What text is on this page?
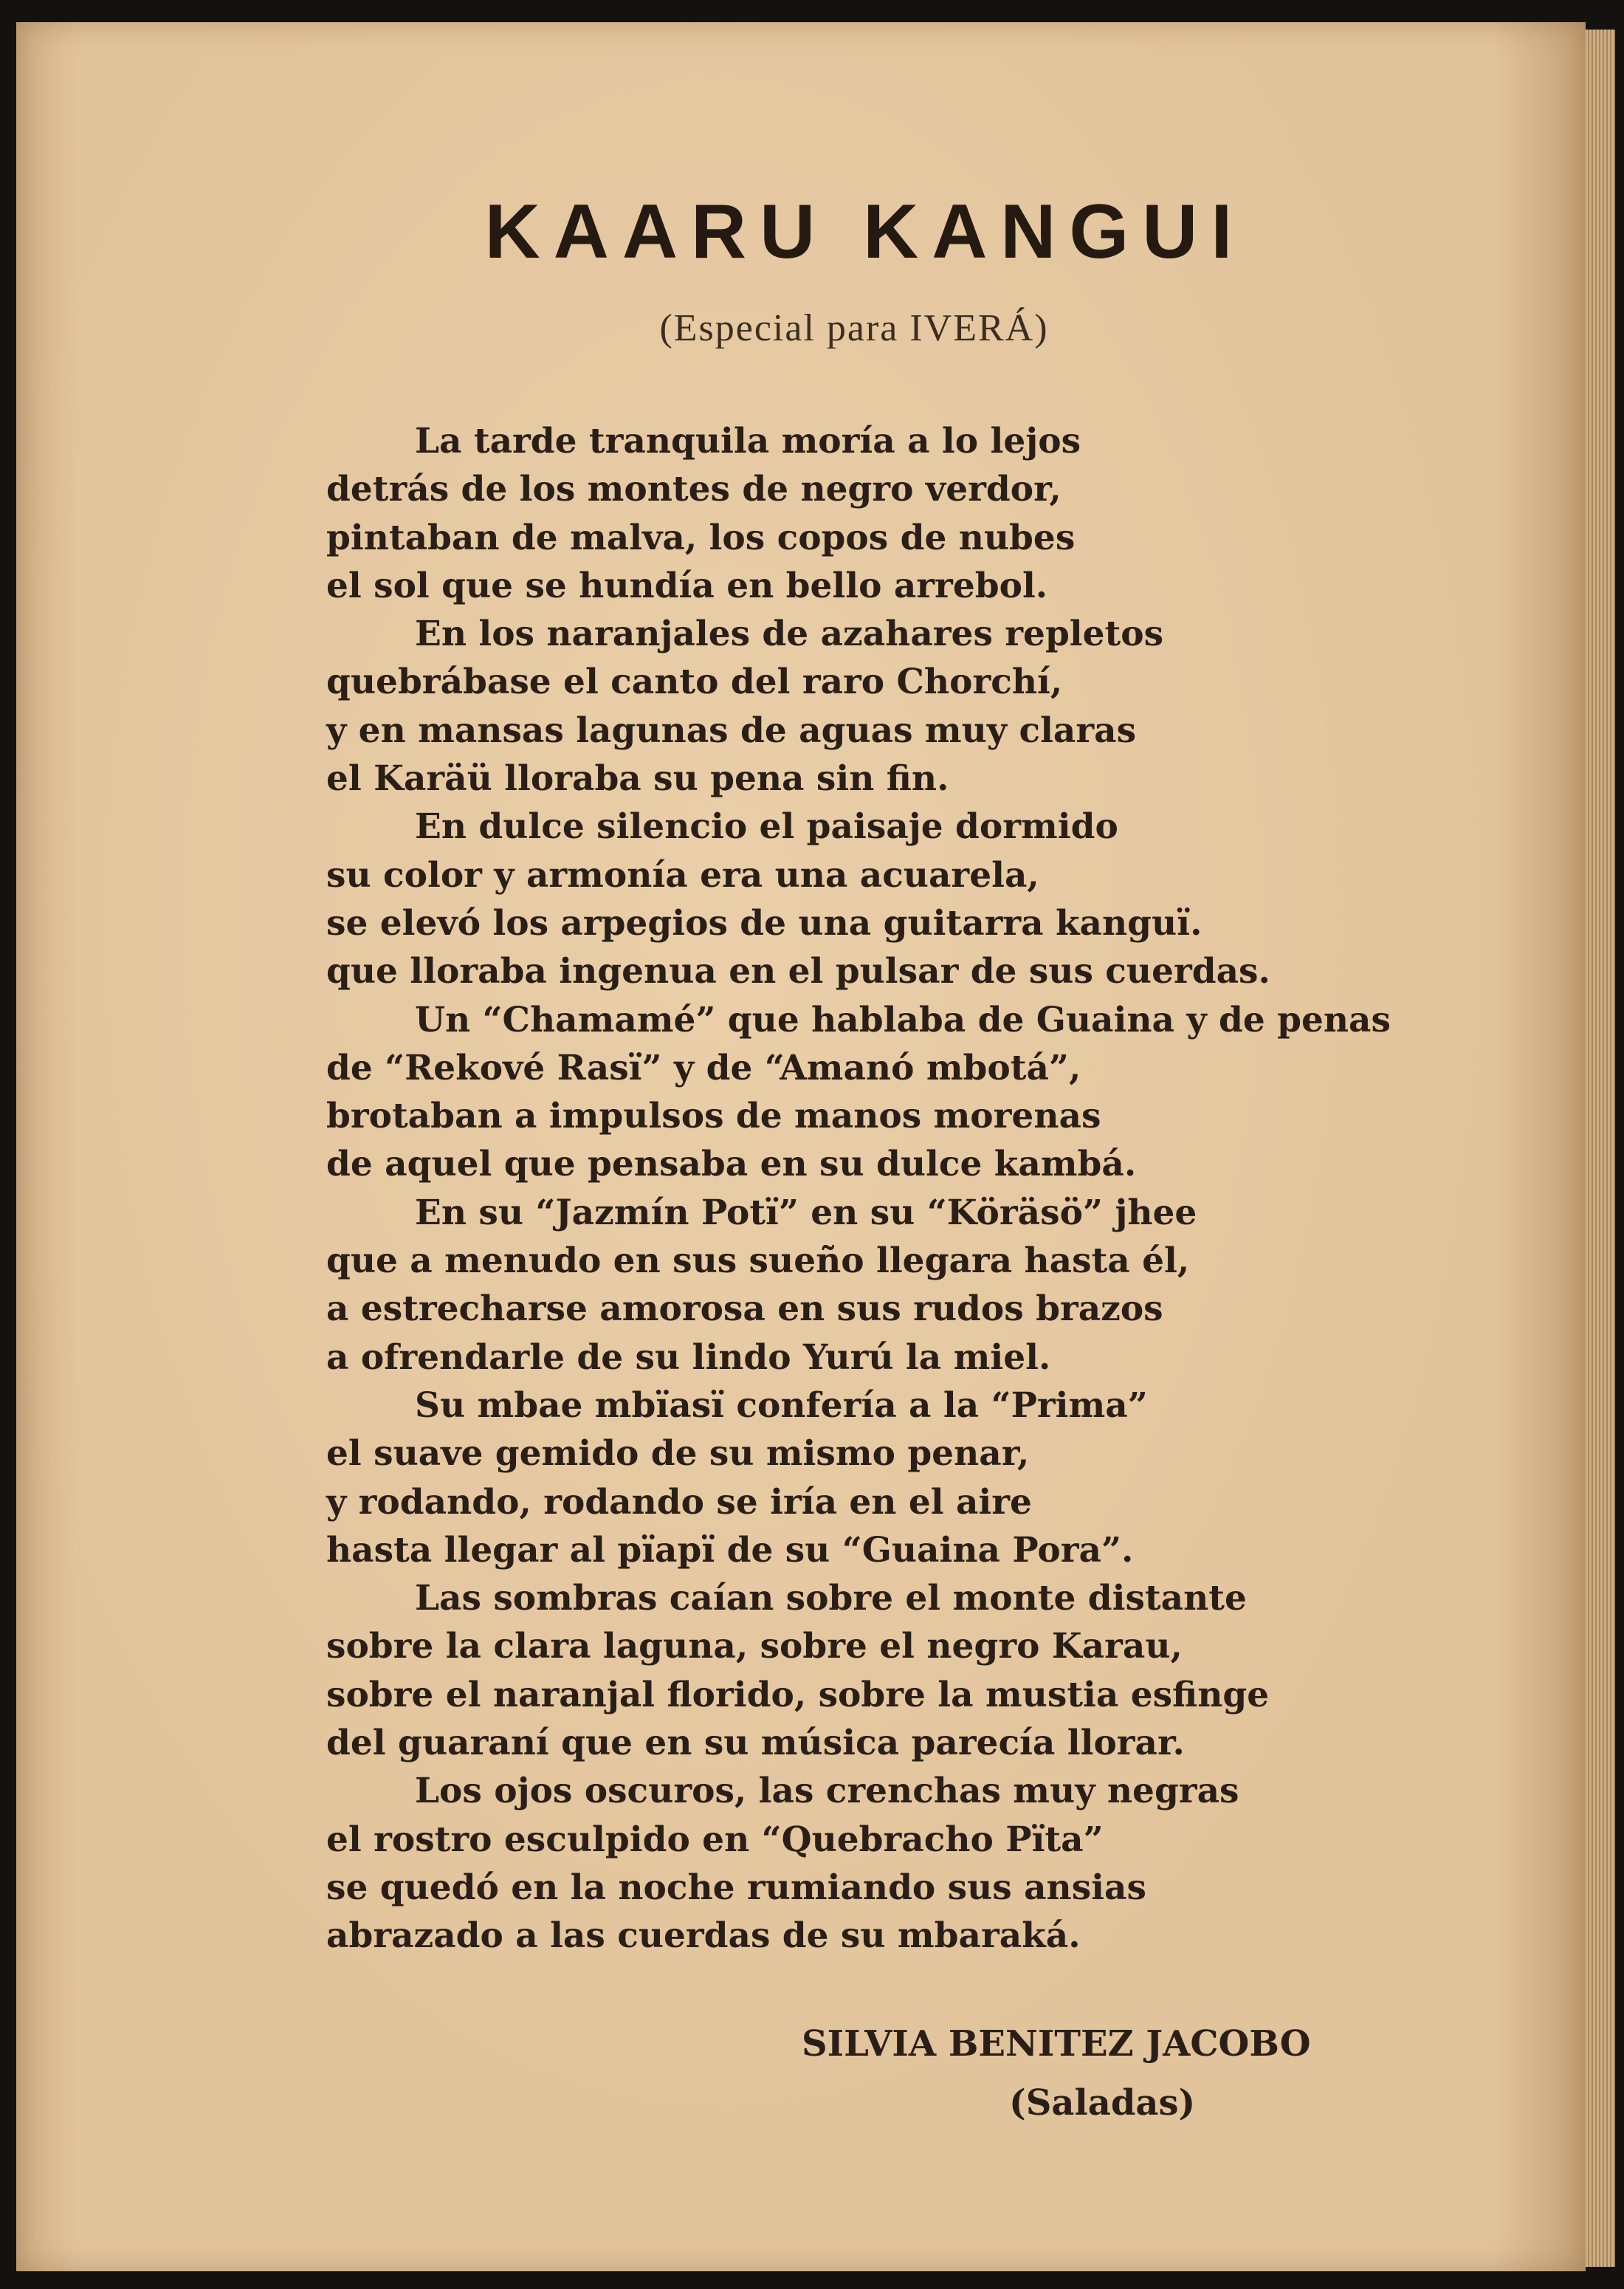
KAARU KANGUI

(Especial para IVERÁ)

La tarde tranquila moría a lo lejos
detrás de los montes de negro verdor,
pintaban de malva, los copos de nubes
el sol que se hundía en bello arrebol.
En los naranjales de azahares repletos
quebrábase el canto del raro Chorchí,
y en mansas lagunas de aguas muy claras
el Karäü lloraba su pena sin fin.
En dulce silencio el paisaje dormido
su color y armonía era una acuarela,
se elevó los arpegios de una guitarra kanguï.
que lloraba ingenua en el pulsar de sus cuerdas.
Un “Chamamé” que hablaba de Guaina y de penas
de “Rekové Rasï” y de “Amanó mbotá”,
brotaban a impulsos de manos morenas
de aquel que pensaba en su dulce kambá.
En su “Jazmín Potï” en su “Köräsö” jhee
que a menudo en sus sueño llegara hasta él,
a estrecharse amorosa en sus rudos brazos
a ofrendarle de su lindo Yurú la miel.
Su mbae mbïasï confería a la “Prima”
el suave gemido de su mismo penar,
y rodando, rodando se iría en el aire
hasta llegar al pïapï de su “Guaina Pora”.
Las sombras caían sobre el monte distante
sobre la clara laguna, sobre el negro Karau,
sobre el naranjal florido, sobre la mustia esfinge
del guaraní que en su música parecía llorar.
Los ojos oscuros, las crenchas muy negras
el rostro esculpido en “Quebracho Pïta”
se quedó en la noche rumiando sus ansias
abrazado a las cuerdas de su mbaraká.
SILVIA BENITEZ JACOBO
(Saladas)
